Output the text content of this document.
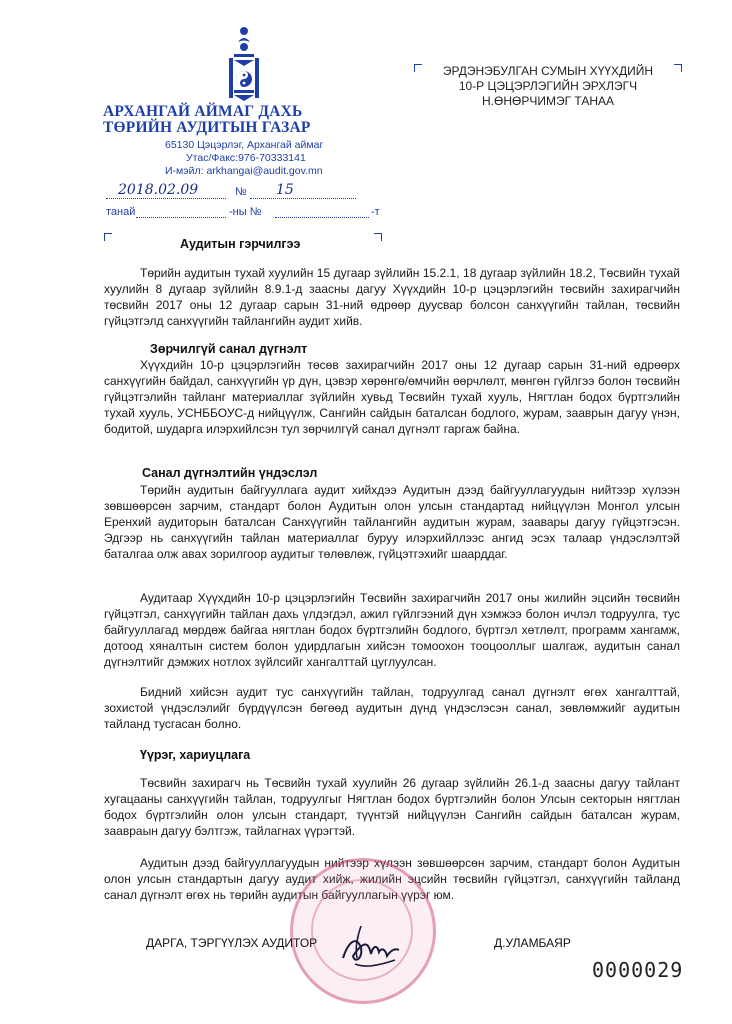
АРХАНГАЙ АЙМАГ ДАХЬ
ТӨРИЙН АУДИТЫН ГАЗАР
65130 Цэцэрлэг, Архангай аймаг
Утас/Факс:976-70333141
И-мэйл: arkhangai@audit.gov.mn
ЭРДЭНЭБУЛГАН СУМЫН ХҮҮХДИЙН
10-Р ЦЭЦЭРЛЭГИЙН ЭРХЛЭГЧ
Н.ӨНӨРЧИМЭГ ТАНАА
2018.02.09	№ 15
танай	-ны №	-т
Аудитын гэрчилгээ

Төрийн аудитын тухай хуулийн 15 дугаар зүйлийн 15.2.1, 18 дугаар зүйлийн 18.2, Төсвийн тухай хуулийн 8 дугаар зүйлийн 8.9.1-д заасны дагуу Хүүхдийн 10-р цэцэрлэгийн төсвийн захирагчийн төсвийн 2017 оны 12 дугаар сарын 31-ний өдрөөр дуусвар болсон санхүүгийн тайлан, төсвийн гүйцэтгэлд санхүүгийн тайлангийн аудит хийв.

Зөрчилгүй санал дүгнэлт

Хүүхдийн 10-р цэцэрлэгийн төсөв захирагчийн 2017 оны 12 дугаар сарын 31-ний өдрөөрх санхүүгийн байдал, санхүүгийн үр дүн, цэвэр хөрөнгө/өмчийн өөрчлөлт, мөнгөн гүйлгээ болон төсвийн гүйцэтгэлийн тайланг материаллаг зүйлийн хувьд Төсвийн тухай хууль, Нягтлан бодох бүртгэлийн тухай хууль, УСНББОУС-д нийцүүлж, Сангийн сайдын баталсан бодлого, журам, зааврын дагуу үнэн, бодитой, шударга илэрхийлсэн тул зөрчилгүй санал дүгнэлт гаргаж байна.

Санал дүгнэлтийн үндэслэл

Төрийн аудитын байгууллага аудит хийхдээ Аудитын дээд байгууллагуудын нийтээр хүлээн зөвшөөрсөн зарчим, стандарт болон Аудитын олон улсын стандартад нийцүүлэн Монгол улсын Еренхий аудиторын баталсан Санхүүгийн тайлангийн аудитын журам, заавары дагуу гүйцэтгэсэн. Эдгээр нь санхүүгийн тайлан материаллаг буруу илэрхийллээс ангид эсэх талаар үндэслэлтэй баталгаа олж авах зорилгоор аудитыг төлөвлөж, гүйцэтгэхийг шаарддаг.

Аудитаар Хүүхдийн 10-р цэцэрлэгийн Төсвийн захирагчийн 2017 оны жилийн эцсийн төсвийн гүйцэтгэл, санхүүгийн тайлан дахь үлдэгдэл, ажил гүйлгээний дүн хэмжээ болон ичлэл тодруулга, тус байгууллагад мөрдөж байгаа нягтлан бодох бүртгэлийн бодлого, бүртгэл хөтлөлт, программ хангамж, дотоод хяналтын систем болон удирдлагын хийсэн томоохон тооцооллыг шалгаж, аудитын санал дүгнэлтийг дэмжих нотлох зүйлсийг хангалттай цуглуулсан.

Бидний хийсэн аудит тус санхүүгийн тайлан, тодруулгад санал дүгнэлт өгөх хангалттай, зохистой үндэслэлийг бүрдүүлсэн бөгөөд аудитын дүнд үндэслэсэн санал, зөвлөмжийг аудитын тайланд тусгасан болно.

Үүрэг, хариуцлага

Төсвийн захирагч нь Төсвийн тухай хуулийн 26 дугаар зүйлийн 26.1-д заасны дагуу тайлант хугацааны санхүүгийн тайлан, тодруулгыг Нягтлан бодох бүртгэлийн болон Улсын секторын нягтлан бодох бүртгэлийн олон улсын стандарт, түүнтэй нийцүүлэн Сангийн сайдын баталсан журам, заавраын дагуу бэлтгэж, тайлагнах үүрэгтэй.

Аудитын дээд байгууллагуудын нийтээр хүлээн зөвшөөрсөн зарчим, стандарт болон Аудитын олон улсын стандартын дагуу аудит хийж, жилийн эцсийн төсвийн гүйцэтгэл, санхүүгийн тайланд санал дүгнэлт өгөх нь төрийн аудитын байгууллагын үүрэг юм.

ДАРГА, ТЭРГҮҮЛЭХ АУДИТОР	Д.УЛАМБАЯР
0000029
